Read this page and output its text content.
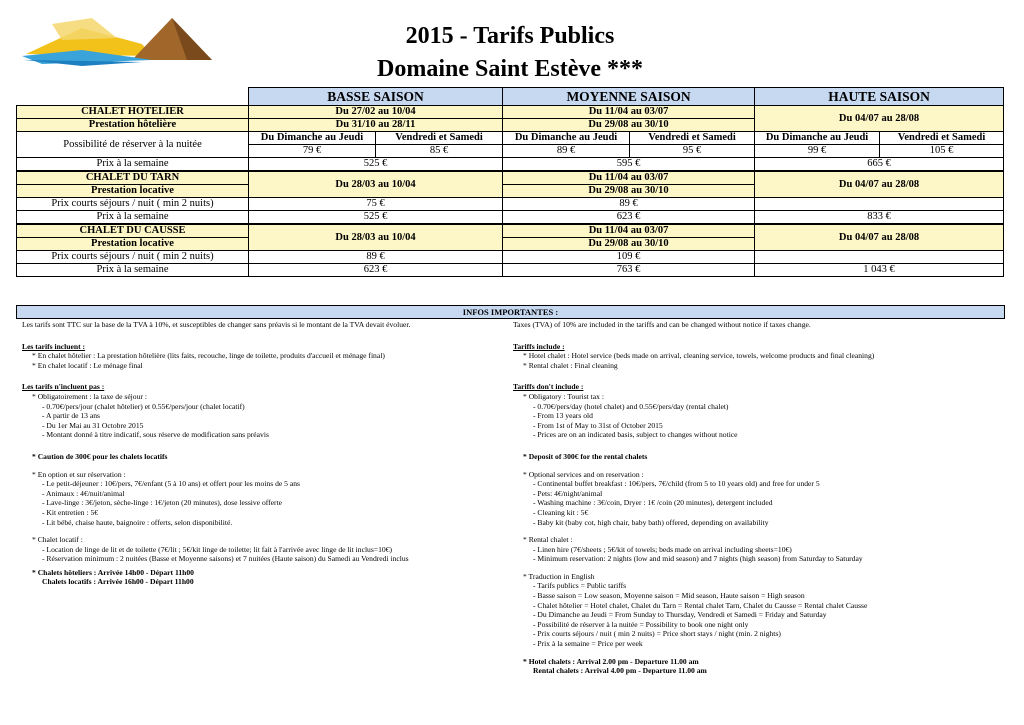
2015 - Tarifs Publics
Domaine Saint Estève ***
	BASSE SAISON		MOYENNE SAISON		HAUTE SAISON	
CHALET HOTELIER	Du 27/02 au 10/04		Du 11/04 au 03/07		Du 04/07 au 28/08	
Prestation hôtelière	Du 31/10 au 28/11		Du 29/08 au 30/10			
Possibilité de réserver à la nuitée	Du Dimanche au Jeudi	Vendredi et Samedi	Du Dimanche au Jeudi	Vendredi et Samedi	Du Dimanche au Jeudi	Vendredi et Samedi
	79 €	85 €	89 €	95 €	99 €	105 €
Prix à la semaine	525 €		595 €		665 €	
CHALET DU TARN	Du 28/03 au 10/04		Du 11/04 au 03/07		Du 04/07 au 28/08	
Prestation locative			Du 29/08 au 30/10			
Prix courts séjours / nuit ( min 2 nuits)	75 €		89 €			
Prix à la semaine	525 €		623 €		833 €	
CHALET DU CAUSSE	Du 28/03 au 10/04		Du 11/04 au 03/07		Du 04/07 au 28/08	
Prestation locative			Du 29/08 au 30/10			
Prix courts séjours / nuit ( min 2 nuits)	89 €		109 €			
Prix à la semaine	623 €		763 €		1 043 €	
INFOS IMPORTANTES :
Les tarifs sont TTC sur la base de la TVA à 10%, et susceptibles de changer sans préavis si le montant de la TVA devait évoluer.
Les tarifs incluent :
* En chalet hôtelier : La prestation hôtelière (lits faits, recouche, linge de toilette, produits d'accueil et ménage final)
* En chalet locatif : Le ménage final
Les tarifs n'incluent pas :
* Obligatoirement : la taxe de séjour :
- 0.70€/pers/jour (chalet hôtelier) et 0.55€/pers/jour (chalet locatif)
- A partir de 13 ans
- Du 1er Mai au 31 Octobre 2015
- Montant donné à titre indicatif, sous réserve de modification sans préavis
* Caution de 300€ pour les chalets locatifs
* En option et sur réservation :
- Le petit-déjeuner : 10€/pers, 7€/enfant (5 à 10 ans) et offert pour les moins de 5 ans
- Animaux : 4€/nuit/animal
- Lave-linge : 3€/jeton, sèche-linge : 1€/jeton (20 minutes), dose lessive offerte
- Kit entretien : 5€
- Lit bébé, chaise haute, baignoire : offerts, selon disponibilité.
* Chalet locatif :
- Location de linge de lit et de toilette (7€/lit ; 5€/kit linge de toilette; lit fait à l'arrivée avec linge de lit inclus=10€)
- Réservation minimum : 2 nuitées (Basse et Moyenne saisons) et 7 nuitées (Haute saison) du Samedi au Vendredi inclus
* Chalets hôteliers : Arrivée 14h00 - Départ 11h00
Chalets locatifs : Arrivée 16h00 - Départ 11h00
Taxes (TVA) of 10% are included in the tariffs and can be changed without notice if taxes change.
Tariffs include :
* Hotel chalet : Hotel service (beds made on arrival, cleaning service, towels, welcome products and final cleaning)
* Rental chalet : Final cleaning
Tariffs don't include :
* Obligatory : Tourist tax :
- 0.70€/pers/day (hotel chalet) and 0.55€/pers/day (rental chalet)
- From 13 years old
- From 1st of May to 31st of October 2015
- Prices are on an indicated basis, subject to changes without notice
* Deposit of 300€ for the rental chalets
* Optional services and on reservation :
- Continental buffet breakfast : 10€/pers, 7€/child (from 5 to 10 years old) and free for under 5
- Pets: 4€/night/animal
- Washing machine : 3€/coin, Dryer : 1€ /coin (20 minutes), detergent included
- Cleaning kit : 5€
- Baby kit (baby cot, high chair, baby bath) offered, depending on availability
* Rental chalet :
- Linen hire (7€/sheets ; 5€/kit of towels; beds made on arrival including sheets=10€)
- Minimum reservation: 2 nights (low and mid season) and 7 nights (high season) from Saturday to Saturday
* Traduction in English
- Tarifs publics = Public tariffs
- Basse saison = Low season, Moyenne saison = Mid season, Haute saison = High season
- Chalet hôtelier = Hotel chalet, Chalet du Tarn = Rental chalet Tarn, Chalet du Causse = Rental chalet Causse
- Du Dimanche au Jeudi = From Sunday to Thursday, Vendredi et Samedi = Friday and Saturday
- Possibilité de réserver à la nuitée = Possibility to book one night only
- Prix courts séjours / nuit ( min 2 nuits) = Price short stays / night (min. 2 nights)
- Prix à la semaine = Price per week
* Hotel chalets : Arrival 2.00 pm - Departure 11.00 am
Rental chalets : Arrival 4.00 pm - Departure 11.00 am
